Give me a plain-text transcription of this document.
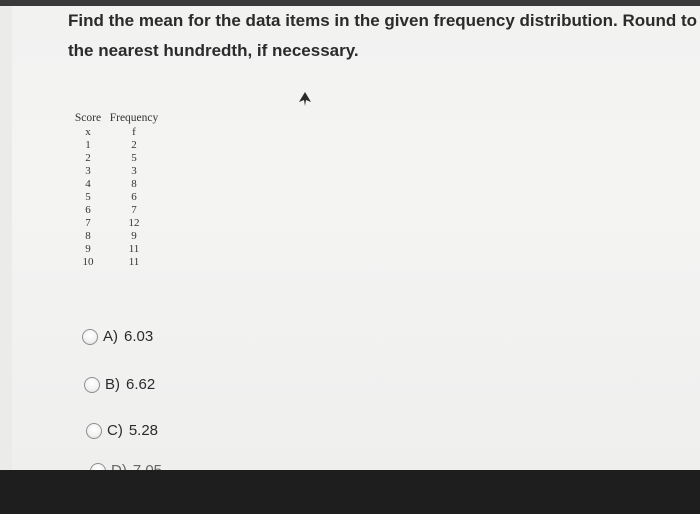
Find the mean for the data items in the given frequency distribution. Round to the nearest hundredth, if necessary.
Score	Frequency
x	f
1	2
2	5
3	3
4	8
5	6
6	7
7	12
8	9
9	11
10	11
A) 6.03
B) 6.62
C) 5.28
